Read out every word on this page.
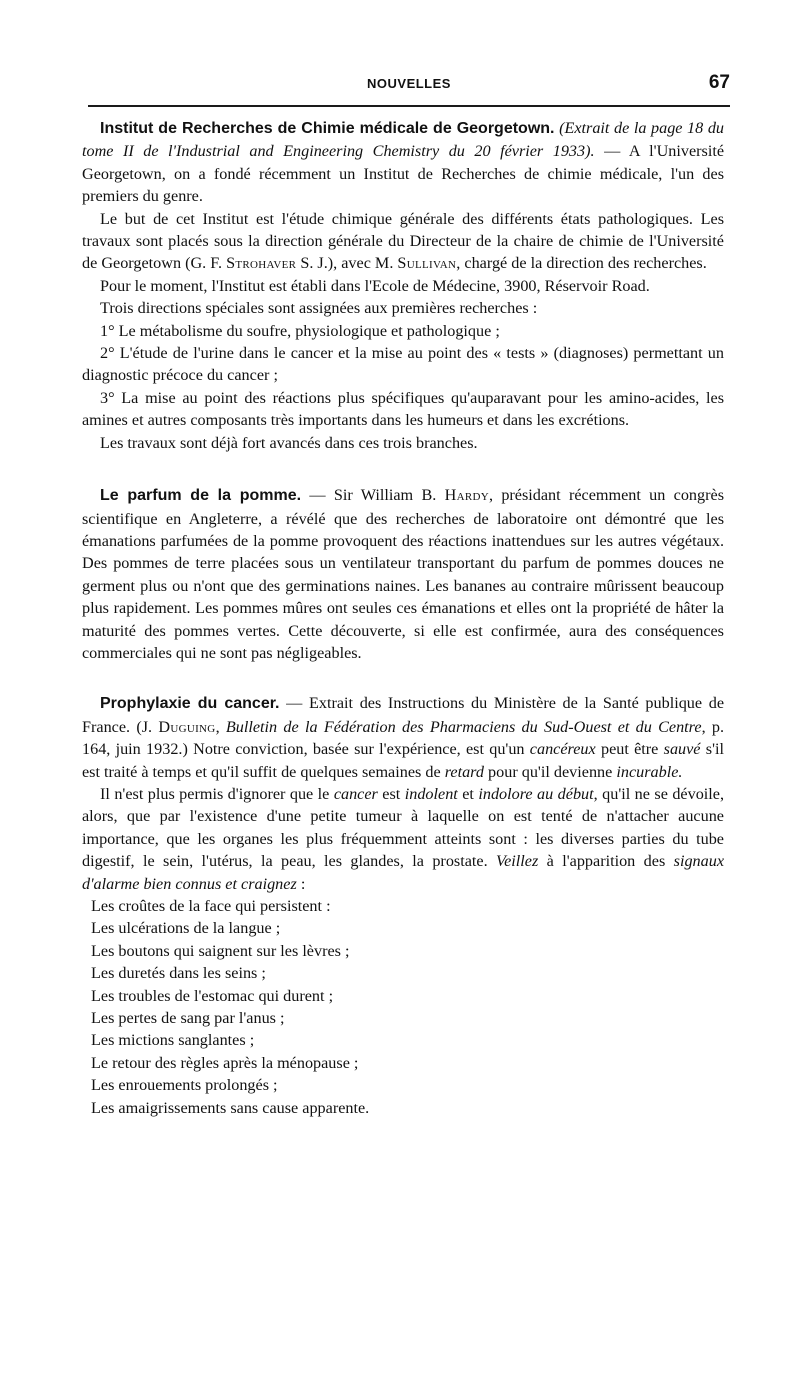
NOUVELLES	67

Institut de Recherches de Chimie médicale de Georgetown. (Extrait de la page 18 du tome II de l'Industrial and Engineering Chemistry du 20 février 1933). — A l'Université Georgetown, on a fondé récemment un Institut de Recherches de chimie médicale, l'un des premiers du genre.

Le but de cet Institut est l'étude chimique générale des différents états pathologiques. Les travaux sont placés sous la direction générale du Directeur de la chaire de chimie de l'Université de Georgetown (G. F. Strohaver S. J.), avec M. Sullivan, chargé de la direction des recherches.

Pour le moment, l'Institut est établi dans l'Ecole de Médecine, 3900, Réservoir Road.

Trois directions spéciales sont assignées aux premières recherches :

1° Le métabolisme du soufre, physiologique et pathologique ;

2° L'étude de l'urine dans le cancer et la mise au point des « tests » (diagnoses) permettant un diagnostic précoce du cancer ;

3° La mise au point des réactions plus spécifiques qu'auparavant pour les amino-acides, les amines et autres composants très importants dans les humeurs et dans les excrétions.

Les travaux sont déjà fort avancés dans ces trois branches.

Le parfum de la pomme. — Sir William B. Hardy, présidant récemment un congrès scientifique en Angleterre, a révélé que des recherches de laboratoire ont démontré que les émanations parfumées de la pomme provoquent des réactions inattendues sur les autres végétaux. Des pommes de terre placées sous un ventilateur transportant du parfum de pommes douces ne germent plus ou n'ont que des germinations naines. Les bananes au contraire mûrissent beaucoup plus rapidement. Les pommes mûres ont seules ces émanations et elles ont la propriété de hâter la maturité des pommes vertes. Cette découverte, si elle est confirmée, aura des conséquences commerciales qui ne sont pas négligeables.

Prophylaxie du cancer. — Extrait des Instructions du Ministère de la Santé publique de France. (J. Duguing, Bulletin de la Fédération des Pharmaciens du Sud-Ouest et du Centre, p. 164, juin 1932.) Notre conviction, basée sur l'expérience, est qu'un cancéreux peut être sauvé s'il est traité à temps et qu'il suffit de quelques semaines de retard pour qu'il devienne incurable.

Il n'est plus permis d'ignorer que le cancer est indolent et indolore au début, qu'il ne se dévoile, alors, que par l'existence d'une petite tumeur à laquelle on est tenté de n'attacher aucune importance, que les organes les plus fréquemment atteints sont : les diverses parties du tube digestif, le sein, l'utérus, la peau, les glandes, la prostate. Veillez à l'apparition des signaux d'alarme bien connus et craignez :

Les croûtes de la face qui persistent :
Les ulcérations de la langue ;
Les boutons qui saignent sur les lèvres ;
Les duretés dans les seins ;
Les troubles de l'estomac qui durent ;
Les pertes de sang par l'anus ;
Les mictions sanglantes ;
Le retour des règles après la ménopause ;
Les enrouements prolongés ;
Les amaigrissements sans cause apparente.
